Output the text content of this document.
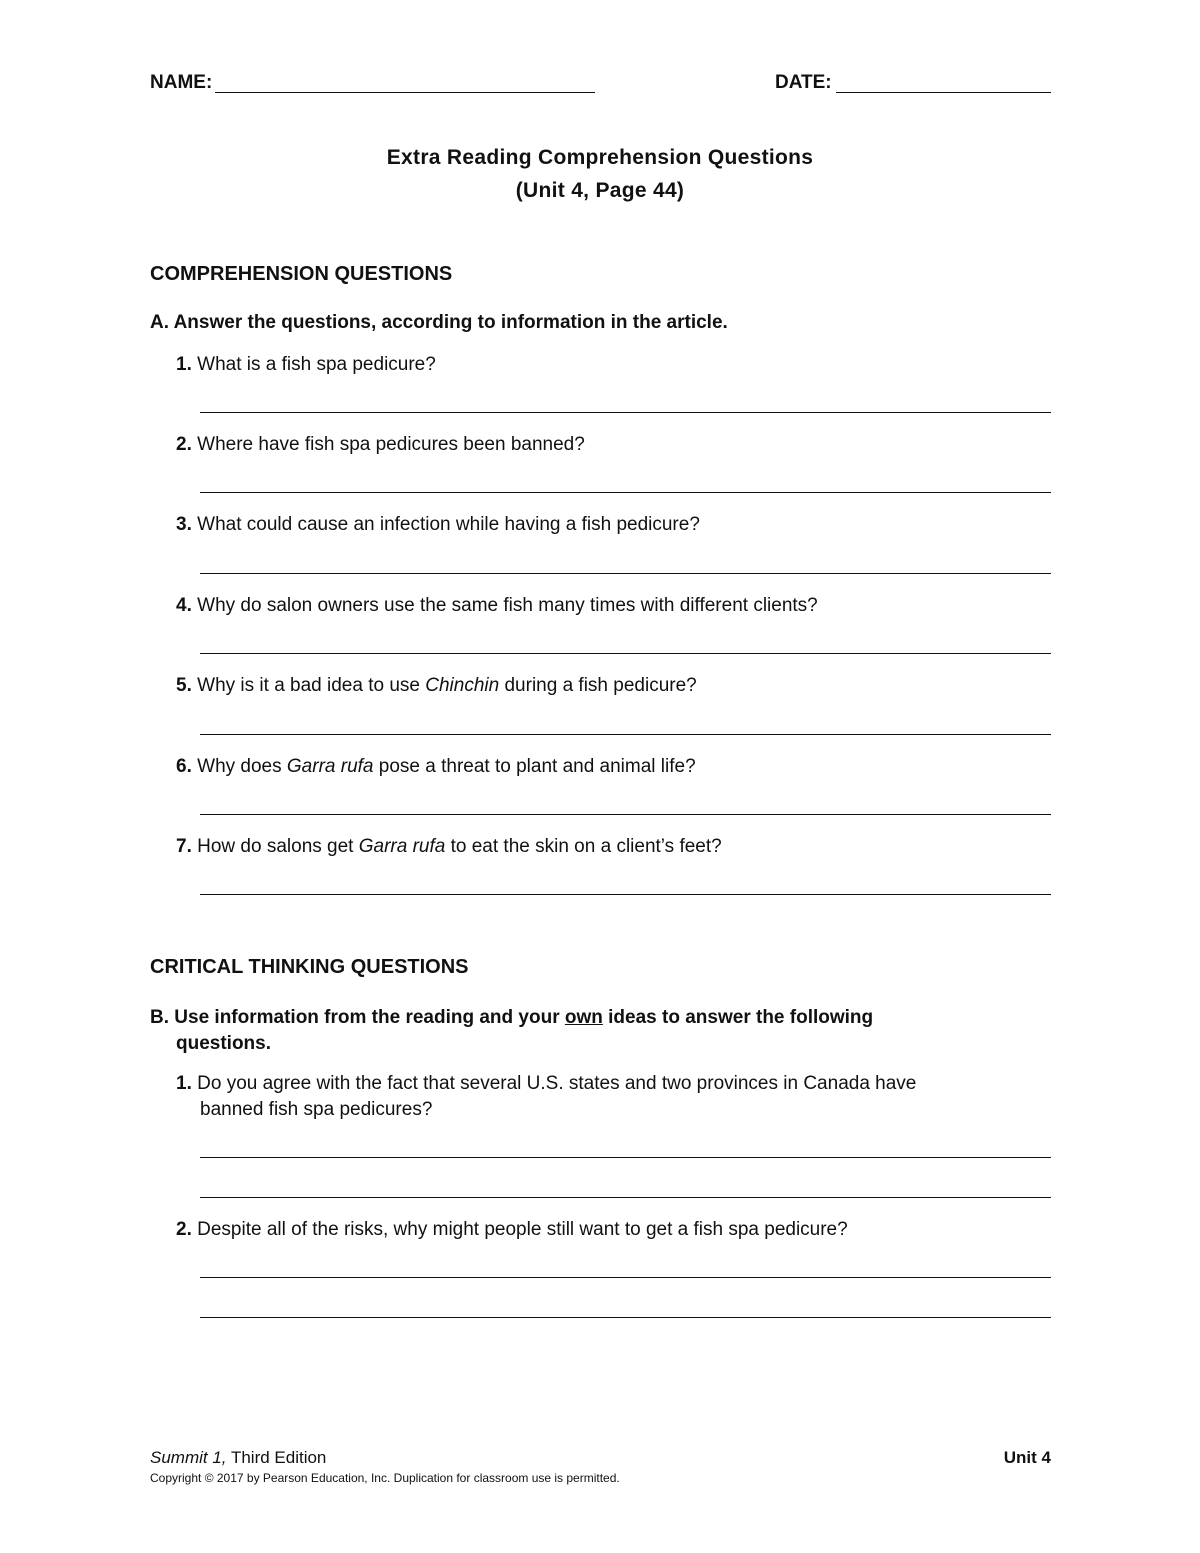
NAME:	DATE:
Extra Reading Comprehension Questions
(Unit 4, Page 44)
COMPREHENSION QUESTIONS
A. Answer the questions, according to information in the article.
1. What is a fish spa pedicure?
2. Where have fish spa pedicures been banned?
3. What could cause an infection while having a fish pedicure?
4. Why do salon owners use the same fish many times with different clients?
5. Why is it a bad idea to use Chinchin during a fish pedicure?
6. Why does Garra rufa pose a threat to plant and animal life?
7. How do salons get Garra rufa to eat the skin on a client’s feet?
CRITICAL THINKING QUESTIONS
B. Use information from the reading and your own ideas to answer the following
questions.
1. Do you agree with the fact that several U.S. states and two provinces in Canada have
banned fish spa pedicures?
2. Despite all of the risks, why might people still want to get a fish spa pedicure?
Summit 1, Third Edition	Unit 4
Copyright © 2017 by Pearson Education, Inc. Duplication for classroom use is permitted.
